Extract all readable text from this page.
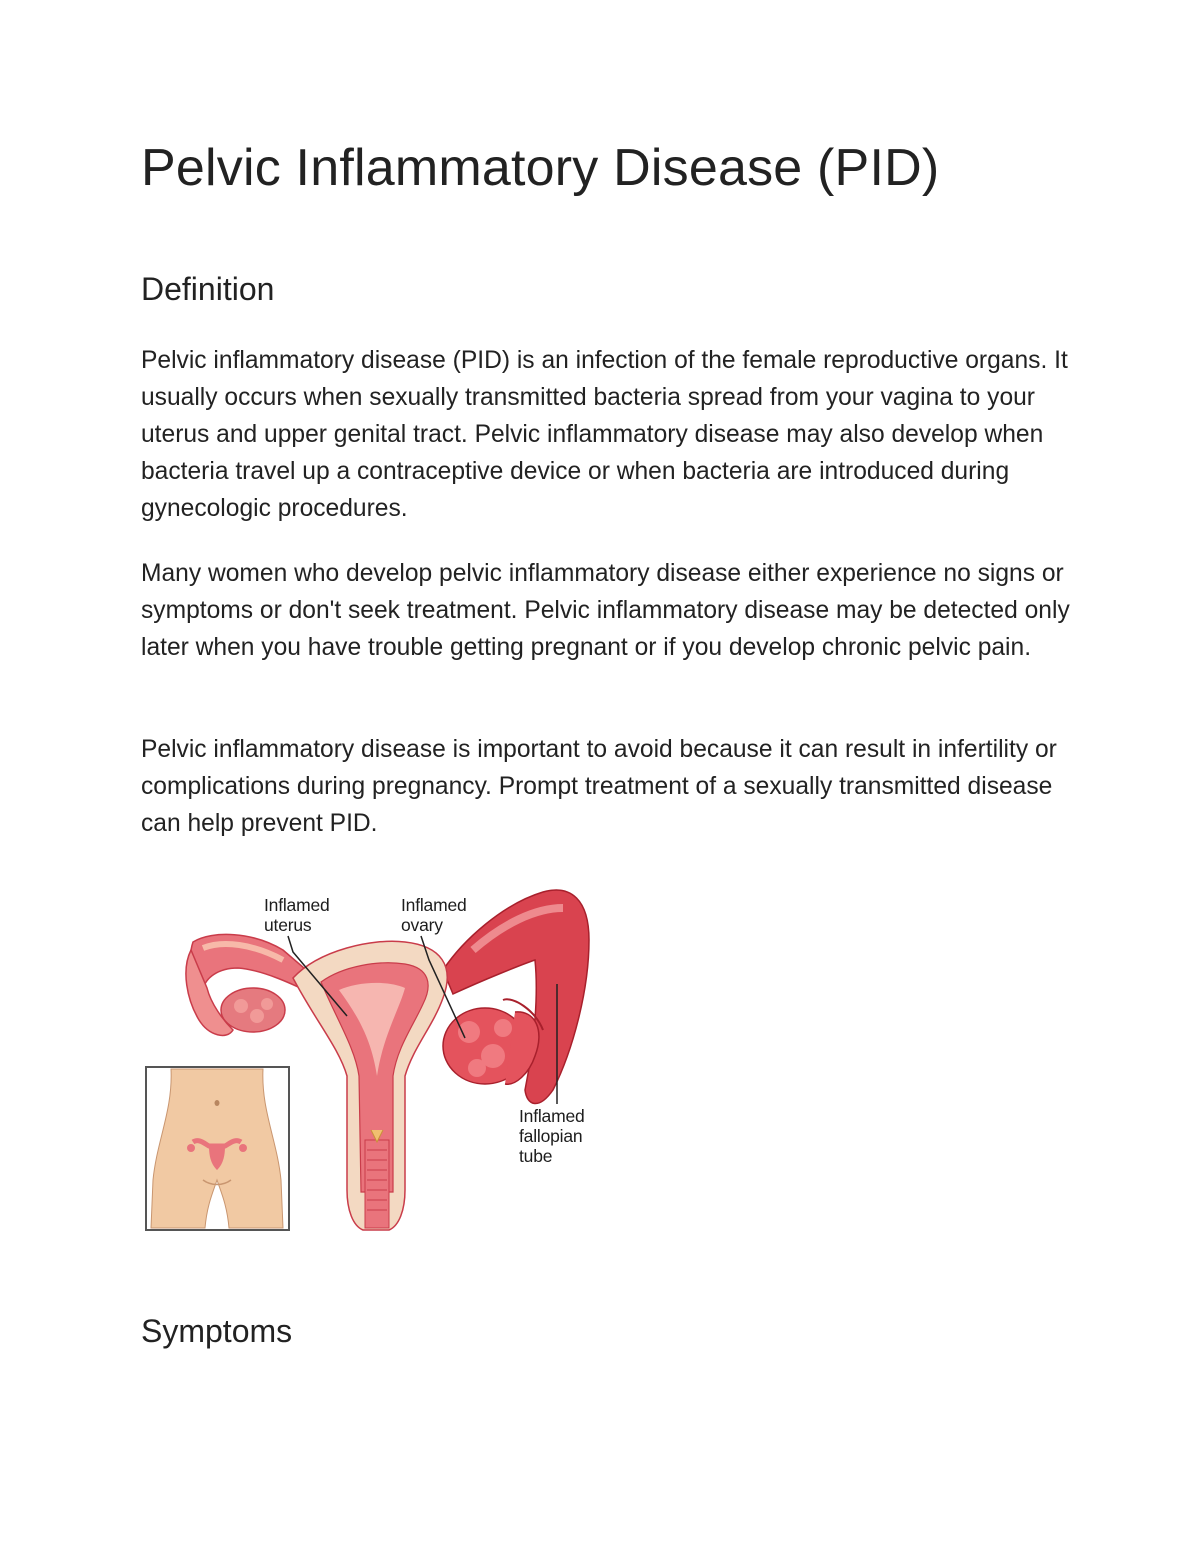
Pelvic Inflammatory Disease (PID)
Definition

Pelvic inflammatory disease (PID) is an infection of the female reproductive organs. It usually occurs when sexually transmitted bacteria spread from your vagina to your uterus and upper genital tract. Pelvic inflammatory disease may also develop when bacteria travel up a contraceptive device or when bacteria are introduced during gynecologic procedures.

Many women who develop pelvic inflammatory disease either experience no signs or symptoms or don't seek treatment. Pelvic inflammatory disease may be detected only later when you have trouble getting pregnant or if you develop chronic pelvic pain.

Pelvic inflammatory disease is important to avoid because it can result in infertility or complications during pregnancy. Prompt treatment of a sexually transmitted disease can help prevent PID.

Inflamed
uterus
Inflamed
ovary
Inflamed
fallopian
tube
Symptoms
